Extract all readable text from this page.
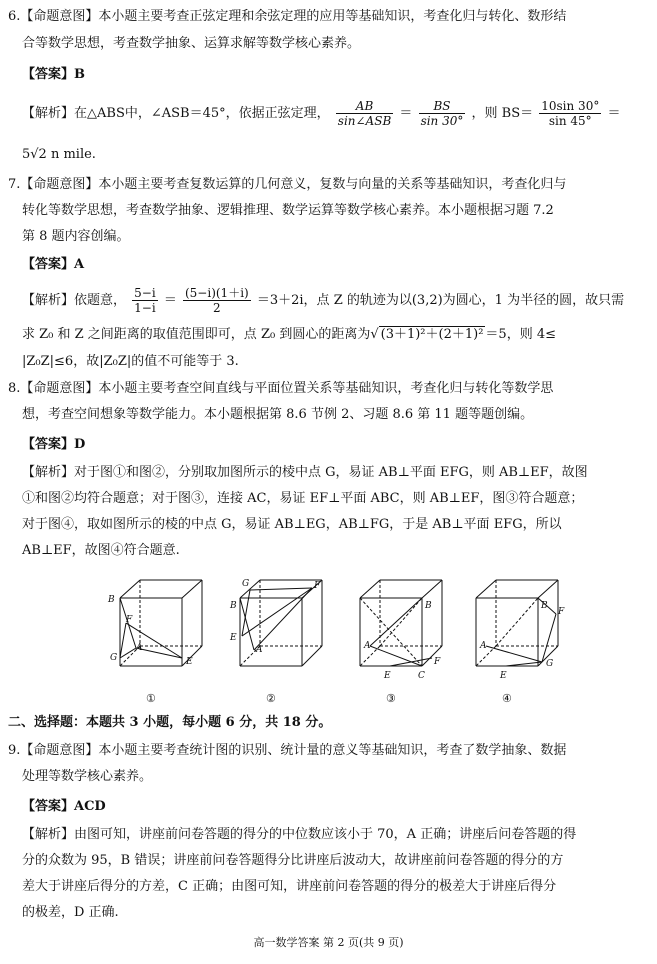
6.【命题意图】本小题主要考查正弦定理和余弦定理的应用等基础知识，考查化归与转化、数形结
合等数学思想，考查数学抽象、运算求解等数学核心素养。
【答案】B
【解析】在△ABS中，∠ASB＝45°，依据正弦定理， $\frac{AB}{\text{sin∠ASB}} = \frac{BS}{\sin 30^\circ}$ ，则 $BS= \frac{10\sin 30^\circ}{\sin 45^\circ}$ ＝
5√2 n mile.
7.【命题意图】本小题主要考查复数运算的几何意义，复数与向量的关系等基础知识，考查化归与
转化等数学思想，考查数学抽象、逻辑推理、数学运算等数学核心素养。本小题根据习题 7.2
第 8 题内容创编。
【答案】A
【解析】依题意， $\frac{5-i}{1-i} = \frac{(5-i)(1+i)}{2} =3+2i$，点 Z 的轨迹为以(3,2)为圆心，1 为半径的圆，故只需
求 Z₀ 和 Z 之间距离的取值范围即可，点 Z₀ 到圆心的距离为√ (3＋1)²＋(2＋1)² ＝5，则 4≤
|Z₀Z|≤6，故|Z₀Z|的值不可能等于 3.
8.【命题意图】本小题主要考查空间直线与平面位置关系等基础知识，考查化归与转化等数学思
想，考查空间想象等数学能力。本小题根据第 8.6 节例 2、习题 8.6 第 11 题等题创编。
【答案】D
【解析】对于图①和图②，分别取加图所示的棱中点 G，易证 AB⊥平面 EFG，则 AB⊥EF，故图
①和图②均符合题意；对于图③，连接 AC，易证 EF⊥平面 ABC，则 AB⊥EF，图③符合题意；
对于图④，取如图所示的棱的中点 G，易证 AB⊥EG，AB⊥FG，于是 AB⊥平面 EFG，所以
AB⊥EF，故图④符合题意.
B
F
G
A
E
①
G	F
B
E
A
②
B
A
F
E	C
③
B
F
A
G
E
④
二、选择题：本题共 3 小题，每小题 6 分，共 18 分。
9.【命题意图】本小题主要考查统计图的识别、统计量的意义等基础知识，考查了数学抽象、数据
处理等数学核心素养。
【答案】ACD
【解析】由图可知，讲座前问卷答题的得分的中位数应该小于 70，A 正确；讲座后问卷答题的得
分的众数为 95，B 错误；讲座前问卷答题得分比讲座后波动大，故讲座前问卷答题的得分的方
差大于讲座后得分的方差，C 正确；由图可知，讲座前问卷答题的得分的极差大于讲座后得分
的极差，D 正确.
高一数学答案 第 2 页(共 9 页)
